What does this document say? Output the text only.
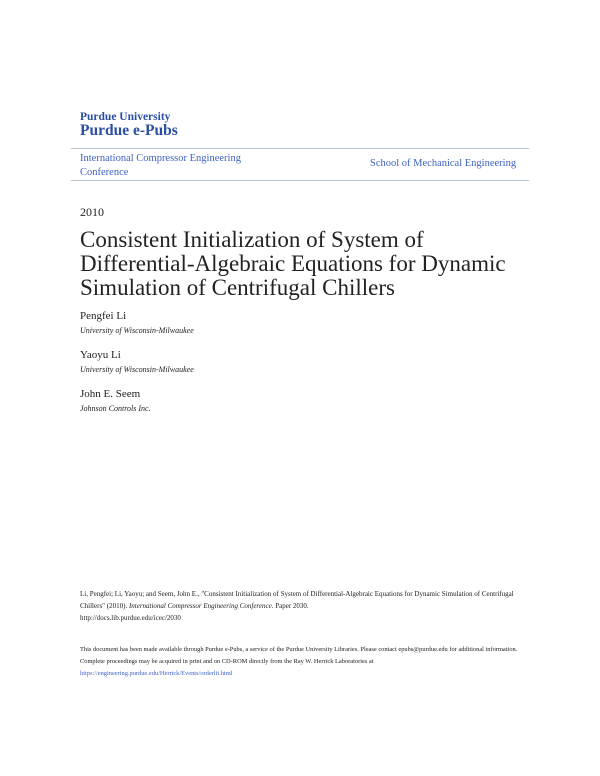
Purdue University
Purdue e-Pubs
International Compressor Engineering Conference
School of Mechanical Engineering
2010
Consistent Initialization of System of Differential-Algebraic Equations for Dynamic Simulation of Centrifugal Chillers
Pengfei Li
University of Wisconsin-Milwaukee
Yaoyu Li
University of Wisconsin-Milwaukee
John E. Seem
Johnson Controls Inc.
Li, Pengfei; Li, Yaoyu; and Seem, John E., "Consistent Initialization of System of Differential-Algebraic Equations for Dynamic Simulation of Centrifugal Chillers" (2010). International Compressor Engineering Conference. Paper 2030.
http://docs.lib.purdue.edu/icec/2030
This document has been made available through Purdue e-Pubs, a service of the Purdue University Libraries. Please contact epubs@purdue.edu for additional information.
Complete proceedings may be acquired in print and on CD-ROM directly from the Ray W. Herrick Laboratories at https://engineering.purdue.edu/Herrick/Events/orderlit.html
